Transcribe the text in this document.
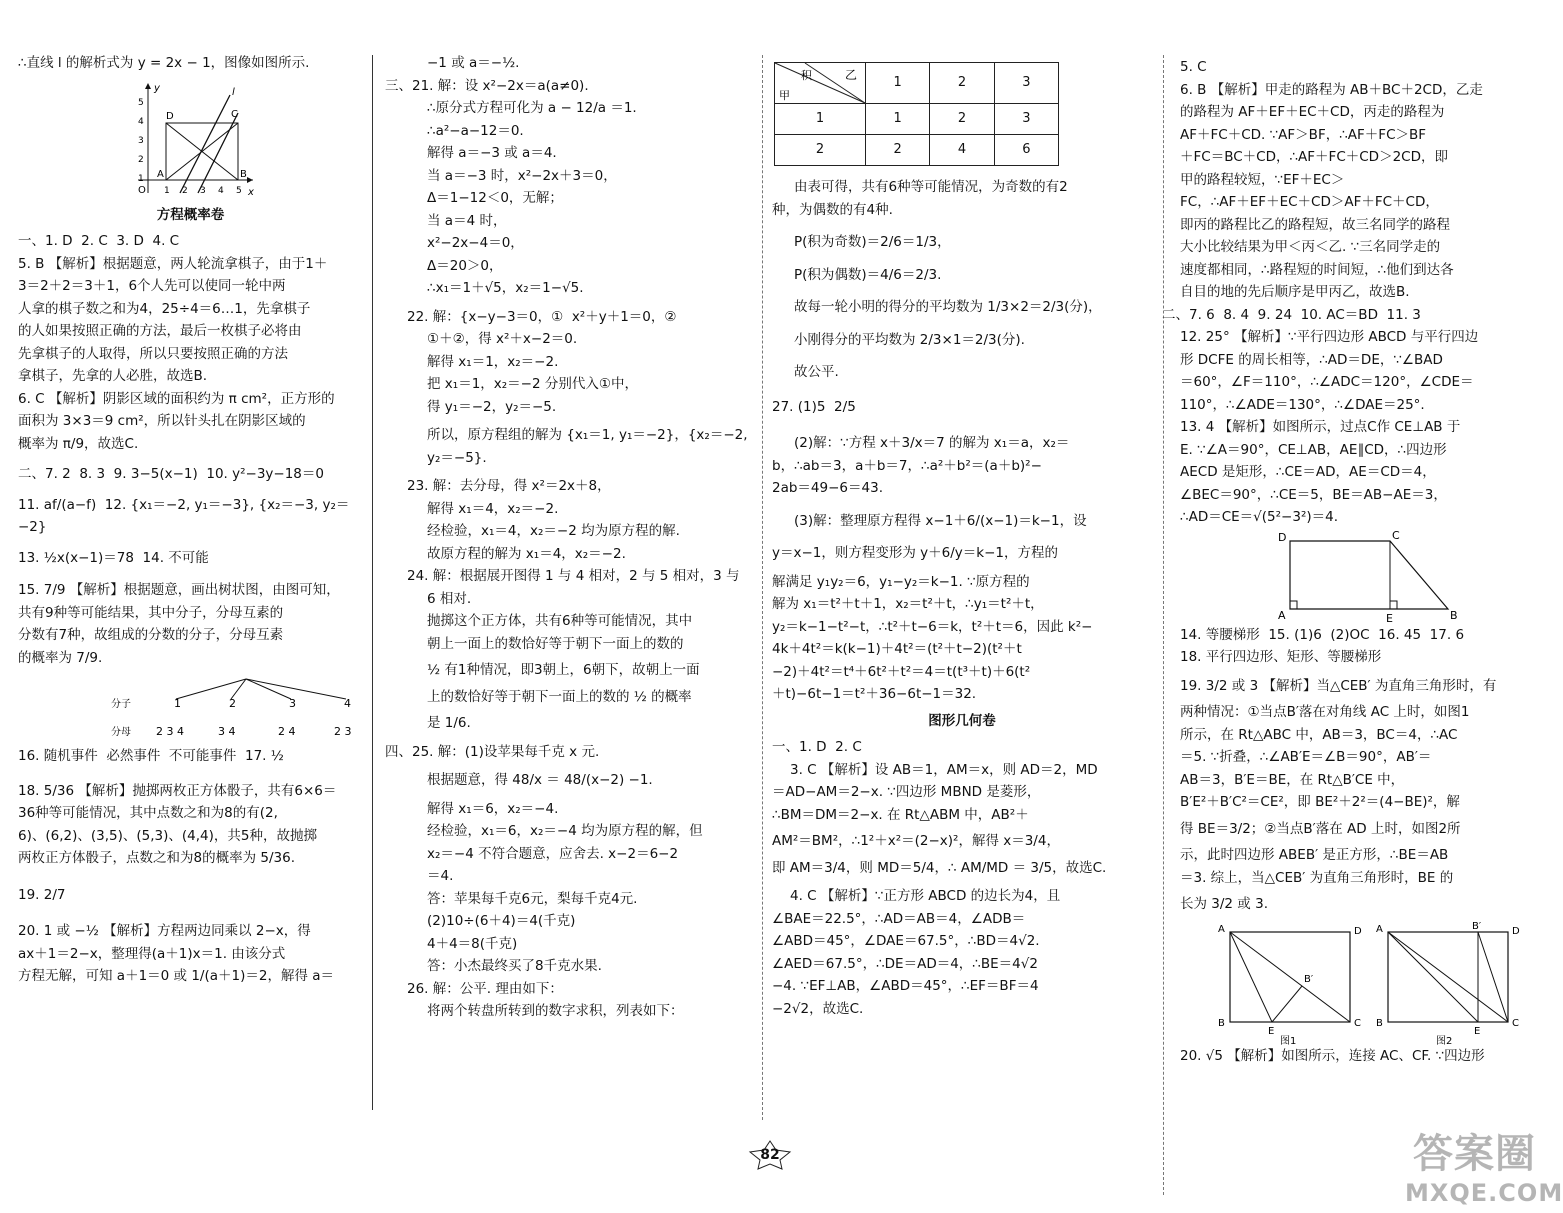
∴直线 l 的解析式为 y = 2x − 1，图像如图所示.

y
x
D	C
l
A	B
O
5
4
3
2
1
1 2 3 4 5

方程概率卷

一、1. D  2. C  3. D  4. C

5. B 【解析】根据题意，两人轮流拿棋子，由于1＋

3＝2＋2＝3＋1，6个人先可以使同一轮中两

人拿的棋子数之和为4，25÷4＝6…1，先拿棋子

的人如果按照正确的方法，最后一枚棋子必将由

先拿棋子的人取得，所以只要按照正确的方法

拿棋子，先拿的人必胜，故选B.

6. C 【解析】阴影区域的面积约为 π cm²，正方形的

面积为 3×3＝9 cm²，所以针头扎在阴影区域的

概率为 π/9，故选C.

二、7. 2  8. 3  9. 3−5(x−1)  10. y²−3y−18＝0

11. af/(a−f)  12. {x₁＝−2, y₁＝−3}, {x₂＝−3, y₂＝−2}

13. ½x(x−1)＝78  14. 不可能

15. 7/9 【解析】根据题意，画出树状图，由图可知，

共有9种等可能结果，其中分子，分母互素的

分数有7种，故组成的分数的分子，分母互素

的概率为 7/9.

分子	1	2	3	4
分母 2 3 4	3 4	2 4	2 3

16. 随机事件  必然事件  不可能事件  17. ½

18. 5/36 【解析】抛掷两枚正方体骰子，共有6×6＝

36种等可能情况，其中点数之和为8的有(2,

6)、(6,2)、(3,5)、(5,3)、(4,4)，共5种，故抛掷

两枚正方体骰子，点数之和为8的概率为 5/36.

19. 2/7

20. 1 或 −½ 【解析】方程两边同乘以 2−x，得

ax＋1＝2−x，整理得(a＋1)x＝1. 由该分式

方程无解，可知 a＋1＝0 或 1/(a＋1)＝2，解得 a＝

−1 或 a＝−½.

三、21. 解：设 x²−2x＝a(a≠0).

∴原分式方程可化为 a − 12/a ＝1.

∴a²−a−12＝0.

解得 a＝−3 或 a＝4.

当 a＝−3 时，x²−2x＋3＝0，

Δ＝1−12＜0，无解；

当 a＝4 时，

x²−2x−4＝0，

Δ＝20＞0，

∴x₁＝1＋√5，x₂＝1−√5.

22. 解：{x−y−3＝0，①  x²＋y＋1＝0，②

①＋②，得 x²＋x−2＝0.

解得 x₁＝1，x₂＝−2.

把 x₁＝1，x₂＝−2 分别代入①中，

得 y₁＝−2，y₂＝−5.

所以，原方程组的解为 {x₁＝1, y₁＝−2}，{x₂＝−2, y₂＝−5}.

23. 解：去分母，得 x²＝2x＋8，

解得 x₁＝4，x₂＝−2.

经检验，x₁＝4，x₂＝−2 均为原方程的解.

故原方程的解为 x₁＝4，x₂＝−2.

24. 解：根据展开图得 1 与 4 相对，2 与 5 相对，3 与

6 相对.

抛掷这个正方体，共有6种等可能情况，其中

朝上一面上的数恰好等于朝下一面上的数的

½ 有1种情况，即3朝上，6朝下，故朝上一面

上的数恰好等于朝下一面上的数的 ½ 的概率

是 1/6.

四、25. 解：(1)设苹果每千克 x 元.

根据题意，得 48/x ＝ 48/(x−2) −1.

解得 x₁＝6，x₂＝−4.

经检验，x₁＝6，x₂＝−4 均为原方程的解，但

x₂＝−4 不符合题意，应舍去. x−2＝6−2

＝4.

答：苹果每千克6元，梨每千克4元.

(2)10÷(6＋4)＝4(千克)

4＋4＝8(千克)

答：小杰最终买了8千克水果.

26. 解：公平. 理由如下：

将两个转盘所转到的数字求积，列表如下：

积 乙
甲	1	2	3
1	1	2	3
2	2	4	6

由表可得，共有6种等可能情况，为奇数的有2

种，为偶数的有4种.

P(积为奇数)＝2/6＝1/3，

P(积为偶数)＝4/6＝2/3.

故每一轮小明的得分的平均数为 1/3×2＝2/3(分)，

小刚得分的平均数为 2/3×1＝2/3(分).

故公平.

27. (1)5  2/5

(2)解：∵方程 x＋3/x＝7 的解为 x₁＝a，x₂＝

b，∴ab＝3，a＋b＝7，∴a²＋b²＝(a＋b)²−

2ab＝49−6＝43.

(3)解：整理原方程得 x−1＋6/(x−1)＝k−1，设

y＝x−1，则方程变形为 y＋6/y＝k−1，方程的

解满足 y₁y₂＝6，y₁−y₂＝k−1. ∵原方程的

解为 x₁＝t²＋t＋1，x₂＝t²＋t，∴y₁＝t²＋t，

y₂＝k−1−t²−t，∴t²＋t−6＝k，t²＋t＝6，因此 k²−

4k＋4t²＝k(k−1)＋4t²＝(t²＋t−2)(t²＋t

−2)＋4t²＝t⁴＋6t²＋t²＝4＝t(t³＋t)＋6(t²

＋t)−6t−1＝t²＋36−6t−1＝32.

图形几何卷

一、1. D  2. C

3. C 【解析】设 AB＝1，AM＝x，则 AD＝2，MD

＝AD−AM＝2−x. ∵四边形 MBND 是菱形，

∴BM＝DM＝2−x. 在 Rt△ABM 中，AB²＋

AM²＝BM²，∴1²＋x²＝(2−x)²，解得 x＝3/4，

即 AM＝3/4，则 MD＝5/4，∴ AM/MD ＝ 3/5，故选C.

4. C 【解析】∵正方形 ABCD 的边长为4，且

∠BAE＝22.5°，∴AD＝AB＝4，∠ADB＝

∠ABD＝45°，∠DAE＝67.5°，∴BD＝4√2.

∠AED＝67.5°，∴DE＝AD＝4，∴BE＝4√2

−4. ∵EF⊥AB，∠ABD＝45°，∴EF＝BF＝4

−2√2，故选C.

5. C

6. B 【解析】甲走的路程为 AB＋BC＋2CD，乙走

的路程为 AF＋EF＋EC＋CD，丙走的路程为

AF＋FC＋CD. ∵AF＞BF，∴AF＋FC＞BF

＋FC＝BC＋CD，∴AF＋FC＋CD＞2CD，即

甲的路程较短，∵EF＋EC＞

FC，∴AF＋EF＋EC＋CD＞AF＋FC＋CD，

即丙的路程比乙的路程短，故三名同学的路程

大小比较结果为甲＜丙＜乙. ∵三名同学走的

速度都相同，∴路程短的时间短，∴他们到达各

自目的地的先后顺序是甲丙乙，故选B.

二、7. 6  8. 4  9. 24  10. AC＝BD  11. 3

12. 25° 【解析】∵平行四边形 ABCD 与平行四边

形 DCFE 的周长相等，∴AD＝DE，∵∠BAD

＝60°，∠F＝110°，∴∠ADC＝120°，∠CDE＝

110°，∴∠ADE＝130°，∴∠DAE＝25°.

13. 4 【解析】如图所示，过点C作 CE⊥AB 于

E. ∵∠A＝90°，CE⊥AB，AE∥CD，∴四边形

AECD 是矩形，∴CE＝AD，AE＝CD＝4，

∠BEC＝90°，∴CE＝5，BE＝AB−AE＝3，

∴AD＝CE＝√(5²−3²)＝4.

D	C
A	E	B

14. 等腰梯形  15. (1)6  (2)OC  16. 45  17. 6

18. 平行四边形、矩形、等腰梯形

19. 3/2 或 3 【解析】当△CEB′ 为直角三角形时，有

两种情况：①当点B′落在对角线 AC 上时，如图1

所示，在 Rt△ABC 中，AB＝3，BC＝4，∴AC

＝5. ∵折叠，∴∠AB′E＝∠B＝90°，AB′＝

AB＝3，B′E＝BE，在 Rt△B′CE 中，

B′E²＋B′C²＝CE²，即 BE²＋2²＝(4−BE)²，解

得 BE＝3/2；②当点B′落在 AD 上时，如图2所

示，此时四边形 ABEB′ 是正方形，∴BE＝AB

＝3. 综上，当△CEB′ 为直角三角形时，BE 的

长为 3/2 或 3.

A	D
B′
B
E
C
图1
A	B′	D
B
E
C
图2

20. √5 【解析】如图所示，连接 AC、CF. ∵四边形

82	答案圈
MXQE.COM
